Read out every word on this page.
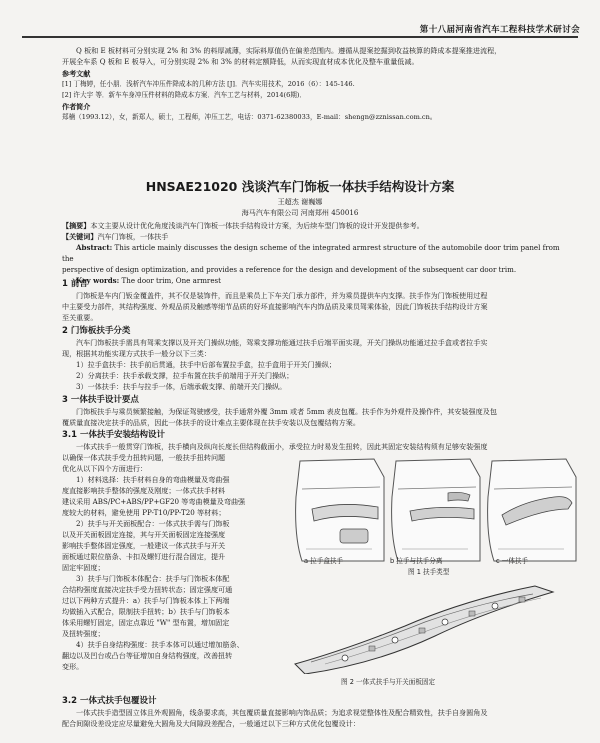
第十八届河南省汽车工程科技学术研讨会

Q 板和 E 板材料可分别实现 2% 和 3% 的料厚减薄，实际料厚值仍在偏差范围内。遵循从提案挖掘到收益核算的降成本提案推进流程，

开展全车系 Q 板和 E 板导入，可分别实现 2% 和 3% 的材料定额降低，从而实现直材成本优化及整车重量低减。

参考文献

[1] 丁梅婷，任小朋．浅析汽车冲压件降成本的几种方法 [J]．汽车实用技术，2016（6）：145-146.

[2] 许大宇 等．新车车身冲压件材料的降成本方案．汽车工艺与材料，2014(6期)．

作者简介

郑楠（1993.12），女，新郑人，硕士，工程师，冲压工艺，电话：0371-62380033，E-mail：shengn@zznissan.com.cn。

HNSAE21020 浅谈汽车门饰板一体扶手结构设计方案

王超杰 谢巍娜

海马汽车有限公司 河南郑州 450016

【摘要】本文主要从设计优化角度浅谈汽车门饰板一体扶手结构设计方案，为后续车型门饰板的设计开发提供参考。

【关键词】汽车门饰板，一体扶手

Abstract: This article mainly discusses the design scheme of the integrated armrest structure of the automobile door trim panel from the

perspective of design optimization, and provides a reference for the design and development of the subsequent car door trim.

Key words: The door trim, One armrest

1 前言

门饰板是车内门钣金覆盖件，其不仅是装饰件，而且是乘员上下车关门承力部件，并为乘员提供车内支撑。扶手作为门饰板使用过程

中主要受力部件，其结构强度、外观品质及触感等细节品质的好坏直接影响汽车内饰品质及乘员驾乘体验，因此门饰板扶手结构设计方案

至关重要。

2 门饰板扶手分类

汽车门饰板扶手需具有驾乘支撑以及开关门操纵功能，驾乘支撑功能通过扶手后端平面实现，开关门操纵功能通过拉手盒或者拉手实

现，根据其功能实现方式扶手一般分以下三类：

1）拉手盒扶手：扶手前后贯通，扶手中后部布置拉手盒，拉手盒用于开关门操纵；

2）分离扶手：扶手承载支撑，拉手布置在扶手前端用于开关门操纵；

3）一体扶手：扶手与拉手一体，后端承载支撑、前端开关门操纵。

3 一体扶手设计要点

门饰板扶手与乘员频繁接触，为保证驾驶感受，扶手通常外覆 3mm 或者 5mm 表皮包覆。扶手作为外观件及操作件，其安装强度及包

覆质量直接决定扶手的品质，因此一体扶手的设计难点主要体现在扶手安装以及包覆结构方案。

3.1 一体扶手安装结构设计

一体式扶手一般贯穿门饰板，扶手横向及纵向长度长但结构截面小，承受拉力时易发生扭转，因此其固定安装结构须有足够安装强度

以确保一体式扶手受力扭转问题，一般扶手扭转问题

优化从以下四个方面进行：

1）材料选择：扶手材料自身的弯曲模量及弯曲强

度直接影响扶手整体的强度及刚度；一体式扶手材料

建议采用 ABS/PC+ABS/PP+GF20 等弯曲模量及弯曲强

度较大的材料，避免使用 PP-T10/PP-T20 等材料；

2）扶手与开关面板配合：一体式扶手需与门饰板

以及开关面板固定连接，其与开关面板固定连接强度

影响扶手整体固定强度，一般建议一体式扶手与开关

面板通过限位筋条、卡扣及螺钉进行混合固定，提升

固定牢固度；

3）扶手与门饰板本体配合：扶手与门饰板本体配

合结构强度直接决定扶手受力扭转状态；固定强度可通

过以下两种方式提升：a）扶手与门饰板本体上下两端

均做插入式配合，限制扶手扭转；b）扶手与门饰板本

体采用螺钉固定，固定点靠近 "W" 型布置，增加固定

及扭转强度；

4）扶手自身结构强度：扶手本体可以通过增加筋条、

翻边以及凹台或凸台等征增加自身结构强度，改善扭转

变形。

a 拉手盒扶手	b 拉手与扶手分离	c 一体扶手
图 1 扶手类型
图 2 一体式扶手与开关面板固定

3.2 一体式扶手包覆设计

一体式扶手造型固立体且外观圆角，线条要求高，其包覆质量直接影响内饰品质；为追求视觉整体性及配合精致性，扶手自身圆角及

配合间隙设差设定应尽量避免大圆角及大间隙段差配合，一般通过以下三种方式优化包覆设计：
